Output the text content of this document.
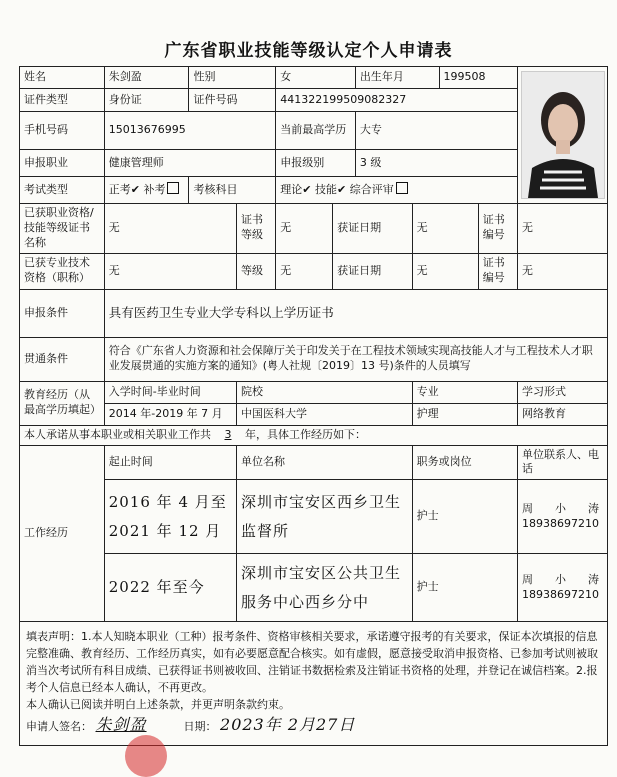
广东省职业技能等级认定个人申请表
姓名	朱剑盈	性别		女		出生年月		199508	

证件类型	身份证	证件号码		441322199509082327						
手机号码	15013676995			当前最高学历		大专				
申报职业	健康管理师			申报级别		3 级				
考试类型	正考✔ 补考	考核科目		理论✔ 技能✔ 综合评审						
已获职业资格/技能等级证书名称	无		证书等级	无	获证日期		无		证书编号	无
已获专业技术资格（职称）	无		等级	无	获证日期		无		证书编号	无
申报条件	具有医药卫生专业大学专科以上学历证书									
贯通条件	符合《广东省人力资源和社会保障厅关于印发关于在工程技术领域实现高技能人才与工程技术人才职业发展贯通的实施方案的通知》(粤人社规〔2019〕13 号)条件的人员填写									
教育经历（从最高学历填起）	入学时间-毕业时间		院校				专业			学习形式
	2014 年-2019 年 7 月		中国医科大学				护理			网络教育
本人承诺从事本职业或相关职业工作共 3 年，具体工作经历如下：										
工作经历	起止时间		单位名称				职务或岗位			单位联系人、电话
	2016 年 4 月至 2021 年 12 月		深圳市宝安区西乡卫生监督所				护士			周　　小　　涛
18938697210

	2022 年至今		深圳市宝安区公共卫生服务中心西乡分中				护士			周　　小　　涛
18938697210

填表声明：1.本人知晓本职业（工种）报考条件、资格审核相关要求，承诺遵守报考的有关要求，保证本次填报的信息完整准确、教育经历、工作经历真实，如有必要愿意配合核实。如有虚假，愿意接受取消申报资格、已参加考试则被取消当次考试所有科目成绩、已获得证书则被收回、注销证书数据检索及注销证书资格的处理，并登记在诚信档案。2.报考个人信息已经本人确认，不再更改。

本人确认已阅读并明白上述条款，并更声明条款约束。

申请人签名： 朱剑盈 日期： 2023年 2月27日										
